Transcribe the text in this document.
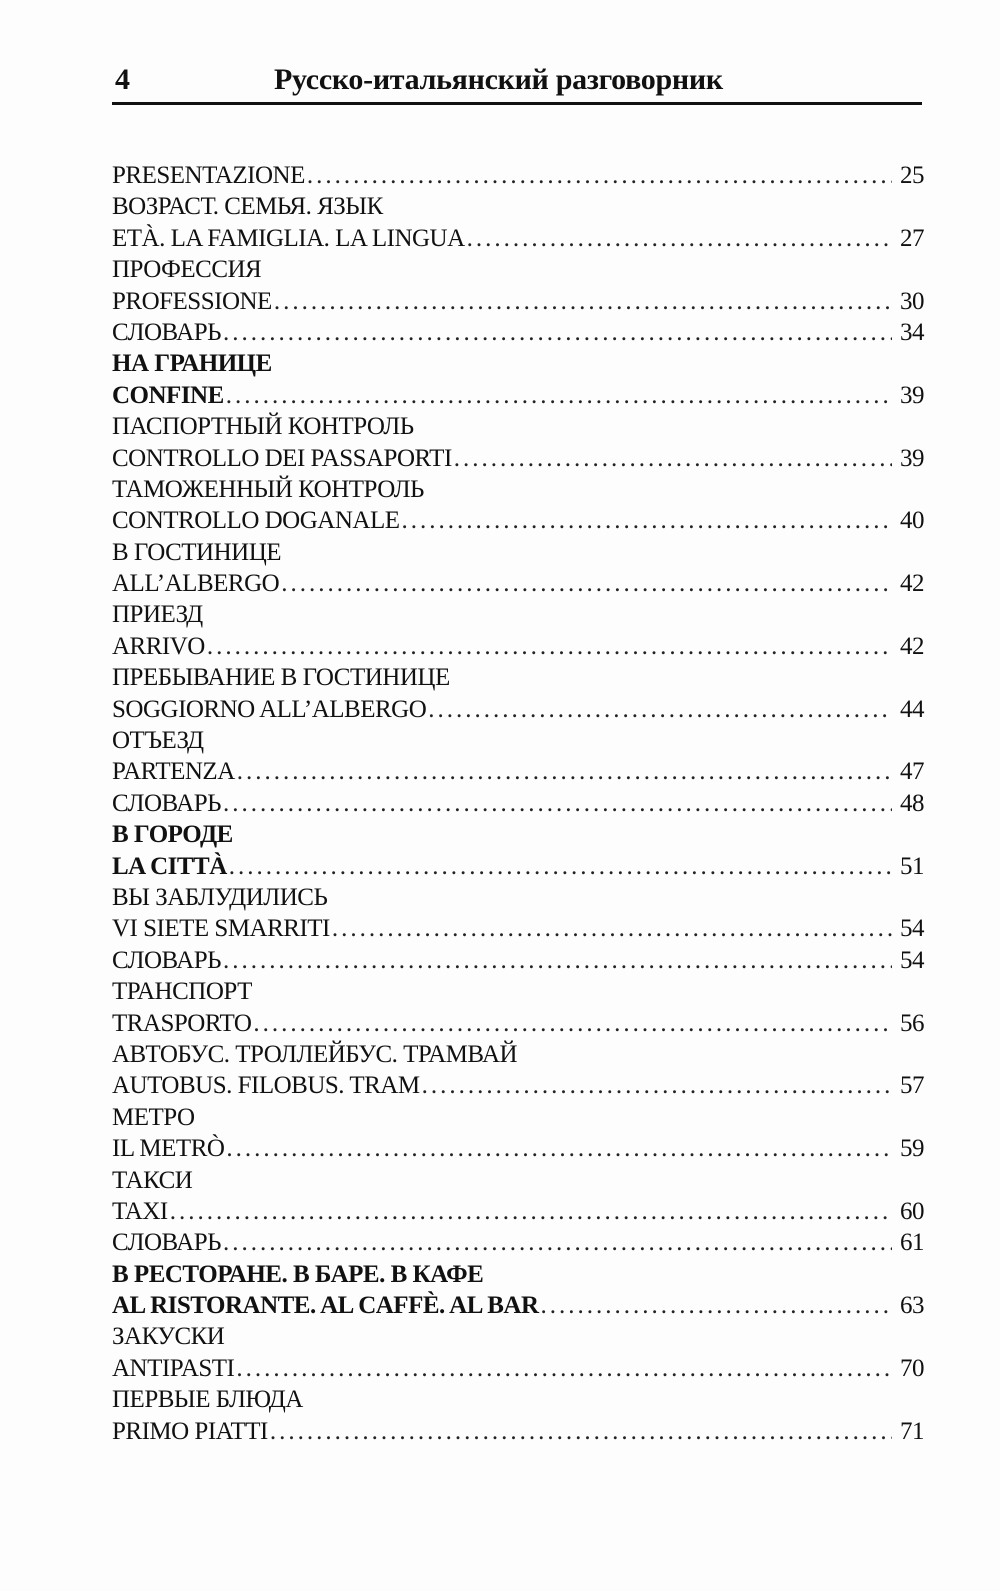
4	Русско-итальянский разговорник
PRESENTAZIONE .....	25
ВОЗРАСТ. СЕМЬЯ. ЯЗЫК
ETÀ. LA FAMIGLIA. LA LINGUA .....	27
ПРОФЕССИЯ
PROFESSIONE .....	30
СЛОВАРЬ .....	34
НА ГРАНИЦЕ
CONFINE .....	39
ПАСПОРТНЫЙ КОНТРОЛЬ
CONTROLLO DEI PASSAPORTI .....	39
ТАМОЖЕННЫЙ КОНТРОЛЬ
CONTROLLO DOGANALE .....	40
В ГОСТИНИЦЕ
ALL’ALBERGO .....	42
ПРИЕЗД
ARRIVO .....	42
ПРЕБЫВАНИЕ В ГОСТИНИЦЕ
SOGGIORNO ALL’ALBERGO .....	44
ОТЪЕЗД
PARTENZA .....	47
СЛОВАРЬ .....	48
В ГОРОДЕ
LA CITTÀ .....	51
ВЫ ЗАБЛУДИЛИСЬ
VI SIETE SMARRITI .....	54
СЛОВАРЬ .....	54
ТРАНСПОРТ
TRASPORTO .....	56
АВТОБУС. ТРОЛЛЕЙБУС. ТРАМВАЙ
AUTOBUS. FILOBUS. TRAM .....	57
МЕТРО
IL METRÒ .....	59
ТАКСИ
TAXI .....	60
СЛОВАРЬ .....	61
В РЕСТОРАНЕ. В БАРЕ. В КАФЕ
AL RISTORANTE. AL CAFFÈ. AL BAR .....	63
ЗАКУСКИ
ANTIPASTI .....	70
ПЕРВЫЕ БЛЮДА
PRIMO PIATTI .....	71
